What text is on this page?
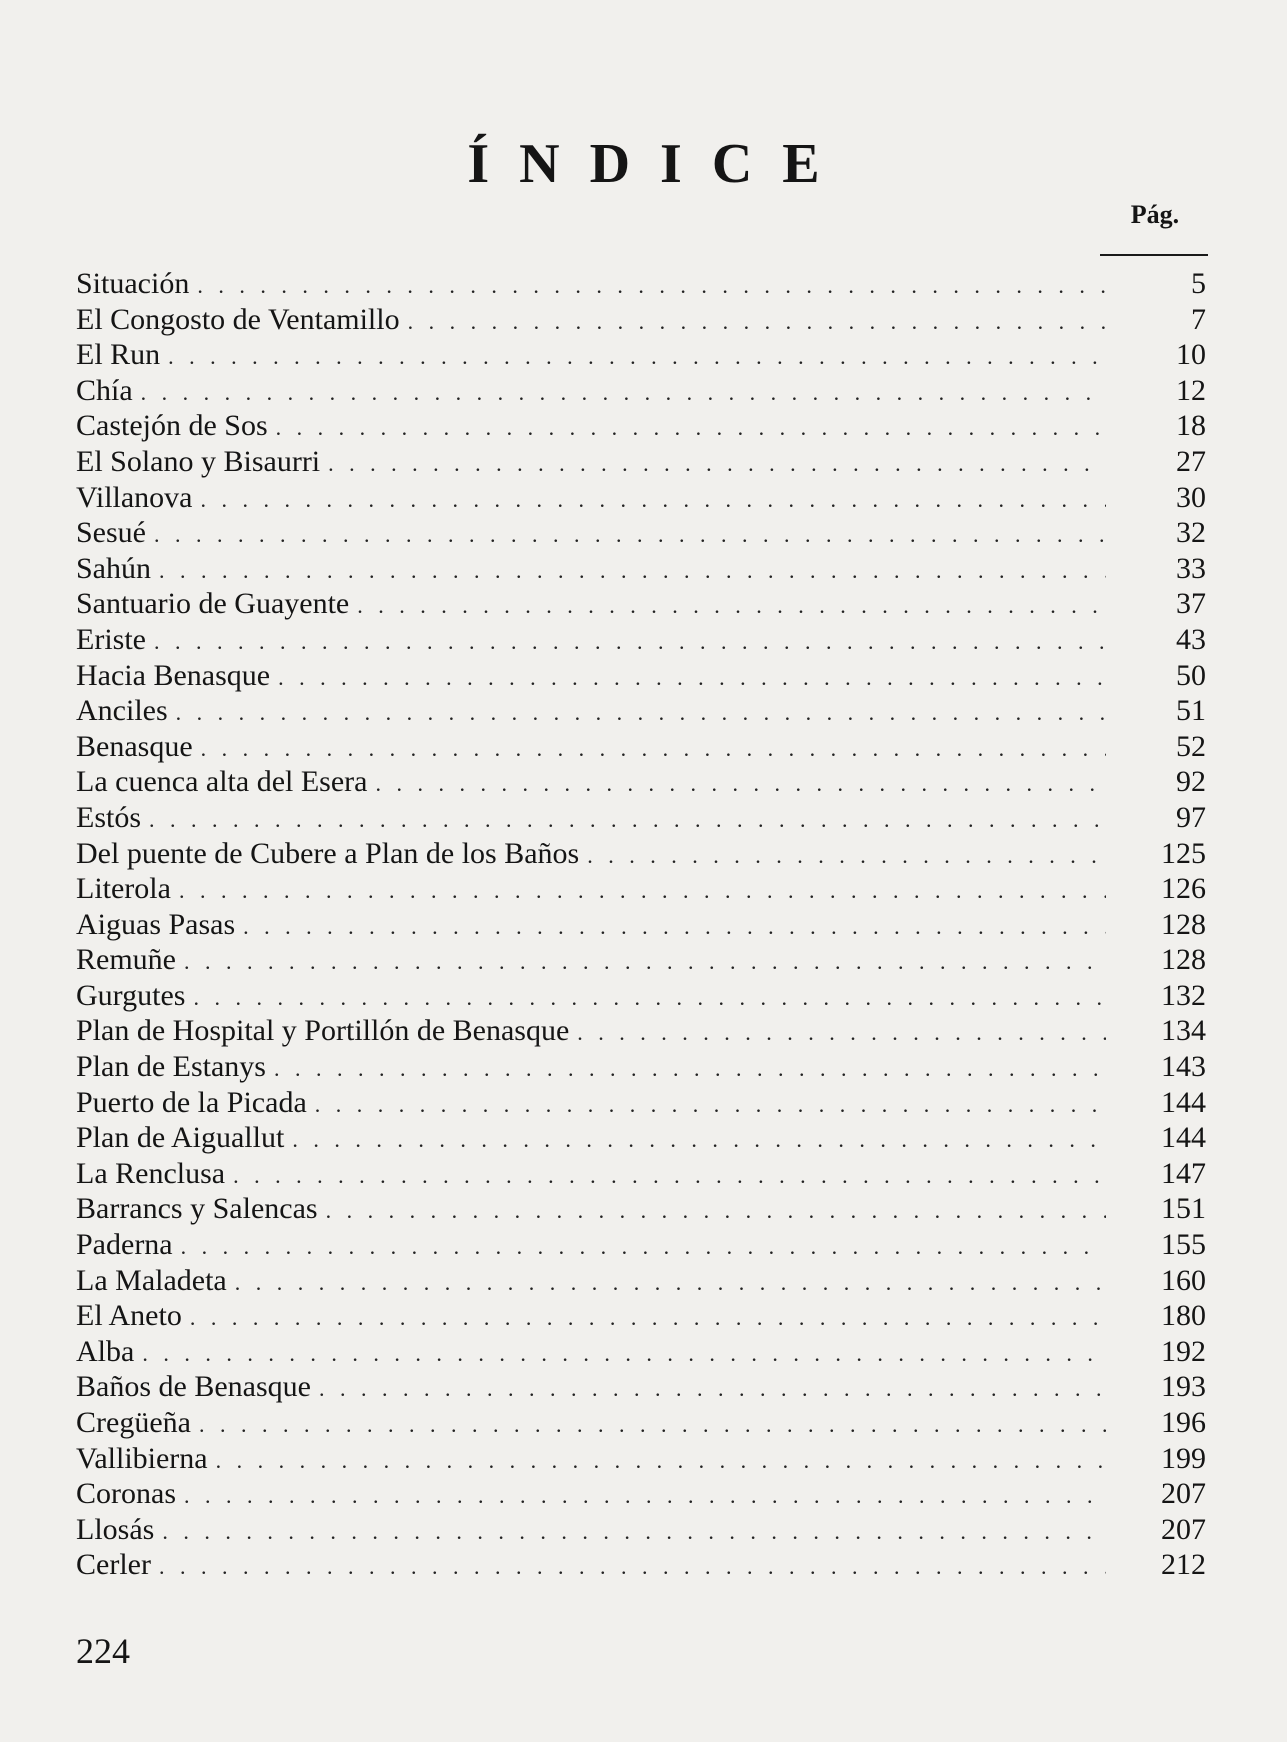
ÍNDICE
Pág.
Situación . . .	5
El Congosto de Ventamillo . . .	7
El Run . . .	10
Chía . . .	12
Castejón de Sos . . .	18
El Solano y Bisaurri . . .	27
Villanova . . .	30
Sesué . . .	32
Sahún . . .	33
Santuario de Guayente . . .	37
Eriste . . .	43
Hacia Benasque . . .	50
Anciles . . .	51
Benasque . . .	52
La cuenca alta del Esera . . .	92
Estós . . .	97
Del puente de Cubere a Plan de los Baños . . .	125
Literola . . .	126
Aiguas Pasas . . .	128
Remuñe . . .	128
Gurgutes . . .	132
Plan de Hospital y Portillón de Benasque . . .	134
Plan de Estanys . . .	143
Puerto de la Picada . . .	144
Plan de Aiguallut . . .	144
La Renclusa . . .	147
Barrancs y Salencas . . .	151
Paderna . . .	155
La Maladeta . . .	160
El Aneto . . .	180
Alba . . .	192
Baños de Benasque . . .	193
Cregüeña . . .	196
Vallibierna . . .	199
Coronas . . .	207
Llosás . . .	207
Cerler . . .	212
224
